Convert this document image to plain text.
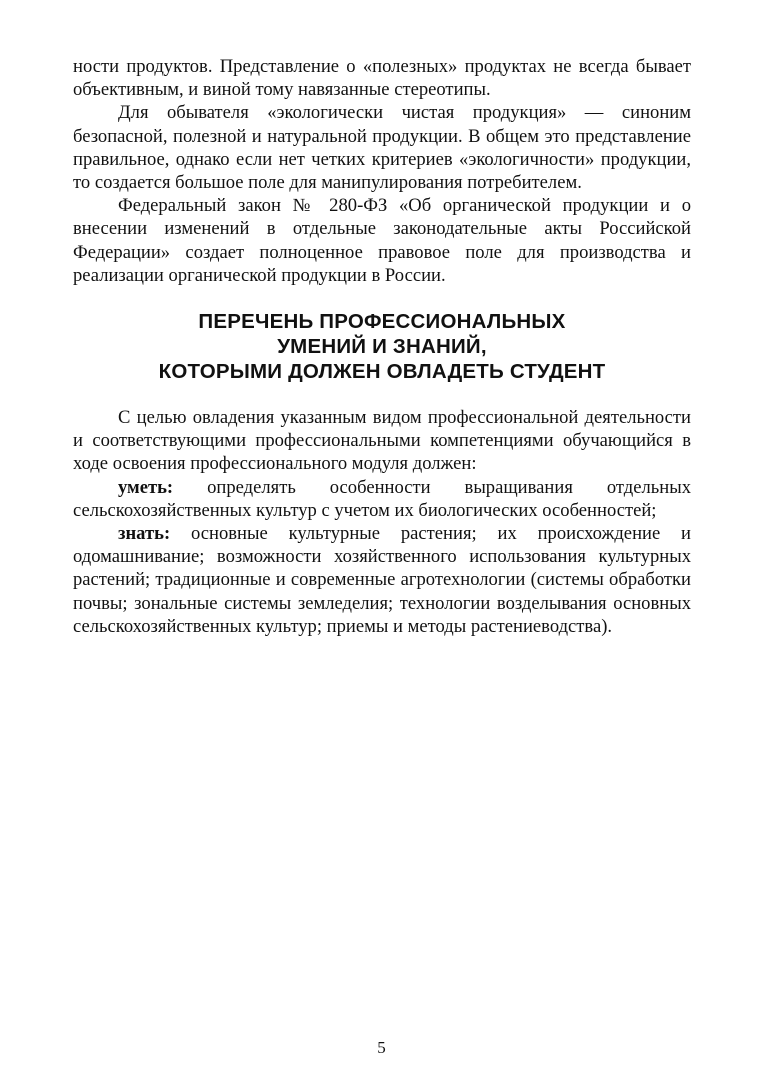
ности продуктов. Представление о «полезных» продуктах не всегда бывает объективным, и виной тому навязанные стереотипы.

Для обывателя «экологически чистая продукция» — синоним безопасной, полезной и натуральной продукции. В общем это представление правильное, однако если нет четких критериев «экологичности» продукции, то создается большое поле для манипулирования потребителем.

Федеральный закон № 280-ФЗ «Об органической продукции и о внесении изменений в отдельные законодательные акты Российской Федерации» создает полноценное правовое поле для производства и реализации органической продукции в России.

ПЕРЕЧЕНЬ ПРОФЕССИОНАЛЬНЫХ
УМЕНИЙ И ЗНАНИЙ,
КОТОРЫМИ ДОЛЖЕН ОВЛАДЕТЬ СТУДЕНТ

С целью овладения указанным видом профессиональной деятельности и соответствующими профессиональными компетенциями обучающийся в ходе освоения профессионального модуля должен:

уметь: определять особенности выращивания отдельных сельскохозяйственных культур с учетом их биологических особенностей;

знать: основные культурные растения; их происхождение и одомашнивание; возможности хозяйственного использования культурных растений; традиционные и современные агротехнологии (системы обработки почвы; зональные системы земледелия; технологии возделывания основных сельскохозяйственных культур; приемы и методы растениеводства).

5
